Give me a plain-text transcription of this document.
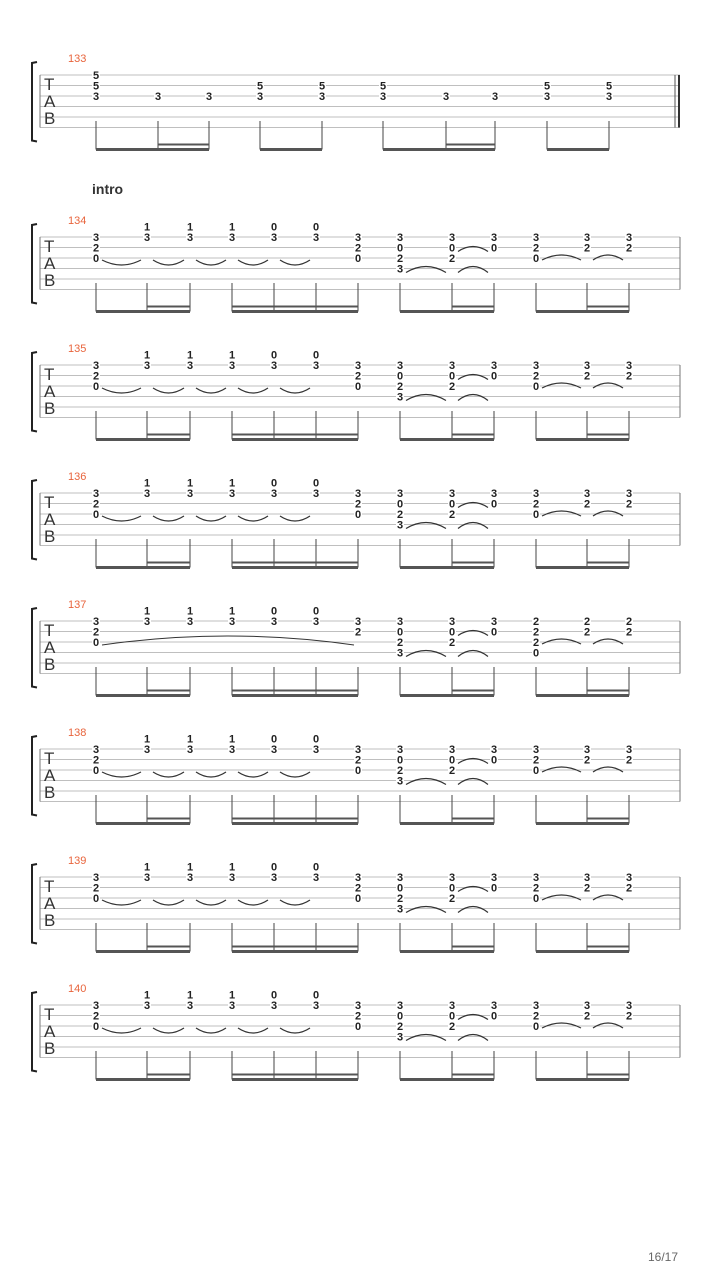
T
A
B
133
5
5
3	3	3
5
3
5
3
5
3	3	3
5
3
5
3
T
A
B
134
3
2
0
1
3
1
3
1
3
0
3
0
3	3
2
0
3
0
2
3
3
0
2
3
0
3
2
0
3
2
3
2
T
A
B
135
3
2
0
1
3
1
3
1
3
0
3
0
3	3
2
0
3
0
2
3
3
0
2
3
0
3
2
0
3
2
3
2
T
A
B
136
3
2
0
1
3
1
3
1
3
0
3
0
3	3
2
0
3
0
2
3
3
0
2
3
0
3
2
0
3
2
3
2
T
A
B
137
3
2
0
1
3
1
3
1
3
0
3
0
3	3
2
3
0
2
3
3
0
2
3
0
2
2
2
0
2
2
2
2
T
A
B
138
3
2
0
1
3
1
3
1
3
0
3
0
3	3
2
0
3
0
2
3
3
0
2
3
0
3
2
0
3
2
3
2
T
A
B
139
3
2
0
1
3
1
3
1
3
0
3
0
3	3
2
0
3
0
2
3
3
0
2
3
0
3
2
0
3
2
3
2
T
A
B
140
3
2
0
1
3
1
3
1
3
0
3
0
3	3
2
0
3
0
2
3
3
0
2
3
0
3
2
0
3
2
3
2
intro
16/17
